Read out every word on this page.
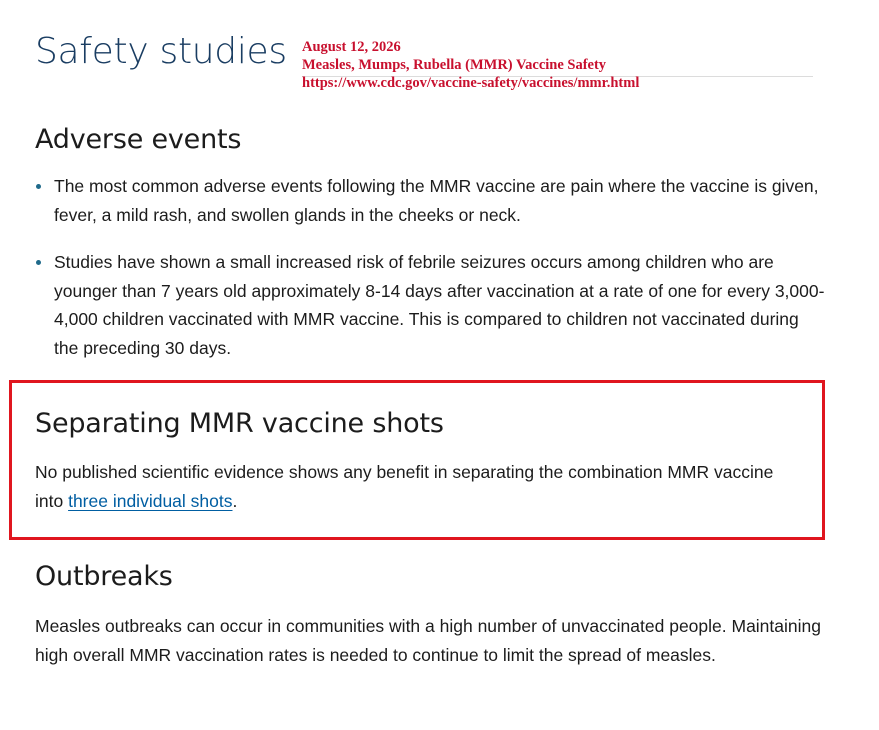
Safety studies August 12, 2026
Measles, Mumps, Rubella (MMR) Vaccine Safety
https://www.cdc.gov/vaccine-safety/vaccines/mmr.html
Adverse events
The most common adverse events following the MMR vaccine are pain where the vaccine is given, fever, a mild rash, and swollen glands in the cheeks or neck.
Studies have shown a small increased risk of febrile seizures occurs among children who are younger than 7 years old approximately 8-14 days after vaccination at a rate of one for every 3,000-4,000 children vaccinated with MMR vaccine. This is compared to children not vaccinated during the preceding 30 days.
Separating MMR vaccine shots

No published scientific evidence shows any benefit in separating the combination MMR vaccine into three individual shots.

Outbreaks

Measles outbreaks can occur in communities with a high number of unvaccinated people. Maintaining high overall MMR vaccination rates is needed to continue to limit the spread of measles.
